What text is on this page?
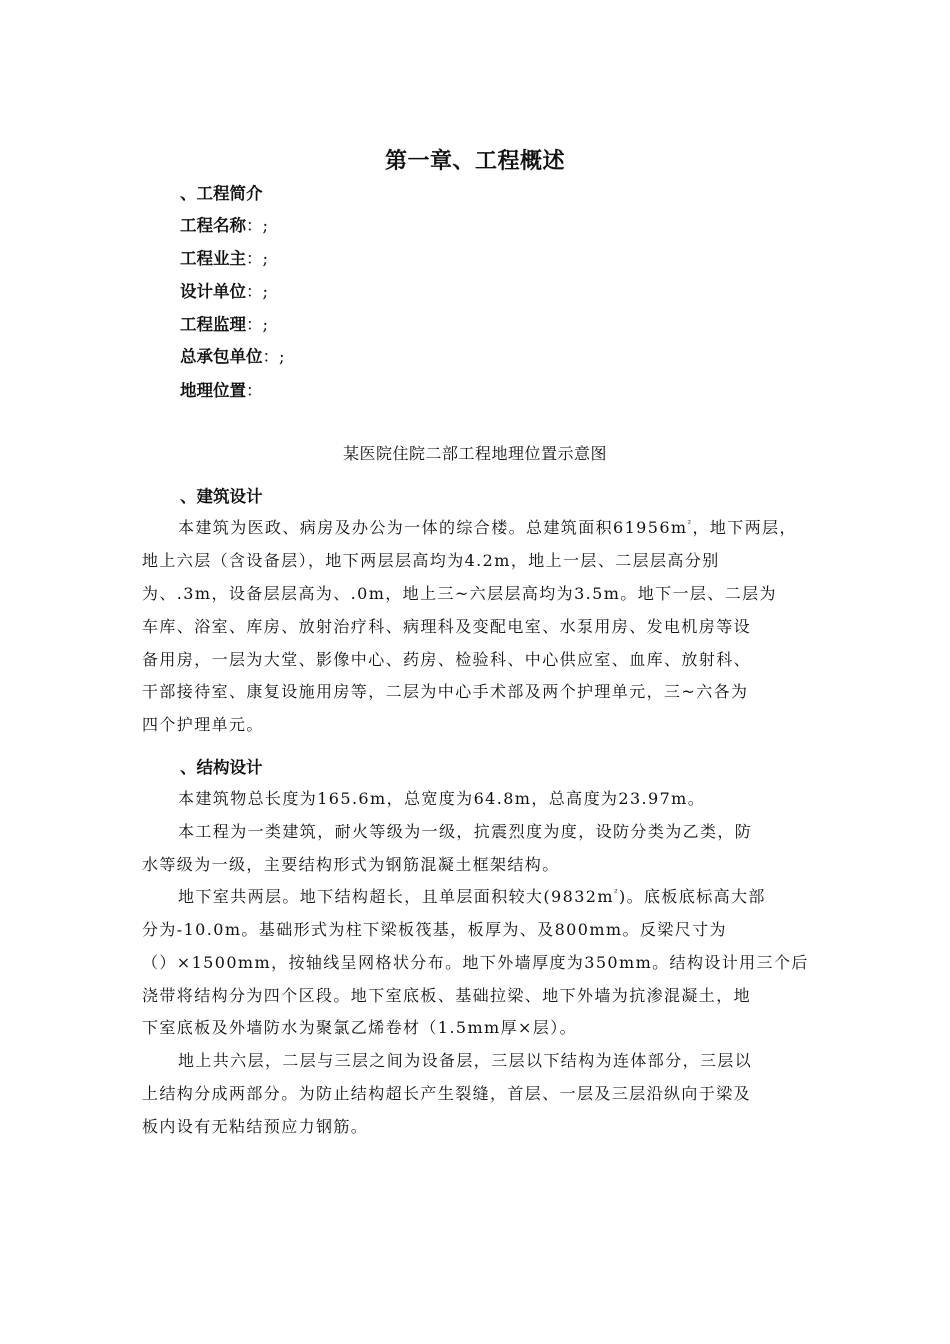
第一章、工程概述
、工程简介
工程名称：;
工程业主：;
设计单位：;
工程监理：;
总承包单位：;
地理位置：
某医院住院二部工程地理位置示意图
、建筑设计
本建筑为医政、病房及办公为一体的综合楼。总建筑面积$61956m^{^2}$，地下两层，
地上六层（含设备层），地下两层层高均为4.2m，地上一层、二层层高分别
为、.3m，设备层层高为、.0m，地上三~六层层高均为3.5m。地下一层、二层为
车库、浴室、库房、放射治疗科、病理科及变配电室、水泵用房、发电机房等设
备用房，一层为大堂、影像中心、药房、检验科、中心供应室、血库、放射科、
干部接待室、康复设施用房等，二层为中心手术部及两个护理单元，三~六各为
四个护理单元。
、结构设计
本建筑物总长度为165.6m，总宽度为64.8m，总高度为23.97m。
本工程为一类建筑，耐火等级为一级，抗震烈度为度，设防分类为乙类，防
水等级为一级，主要结构形式为钢筋混凝土框架结构。
地下室共两层。地下结构超长，且单层面积较大$(9832m^{^2})$。底板底标高大部
分为-10.0m。基础形式为柱下梁板筏基，板厚为、及800mm。反梁尺寸为
（）×1500mm，按轴线呈网格状分布。地下外墙厚度为350mm。结构设计用三个后
浇带将结构分为四个区段。地下室底板、基础拉梁、地下外墙为抗渗混凝土，地
下室底板及外墙防水为聚氯乙烯卷材（1.5mm厚×层）。
地上共六层，二层与三层之间为设备层，三层以下结构为连体部分，三层以
上结构分成两部分。为防止结构超长产生裂缝，首层、一层及三层沿纵向于梁及
板内设有无粘结预应力钢筋。
